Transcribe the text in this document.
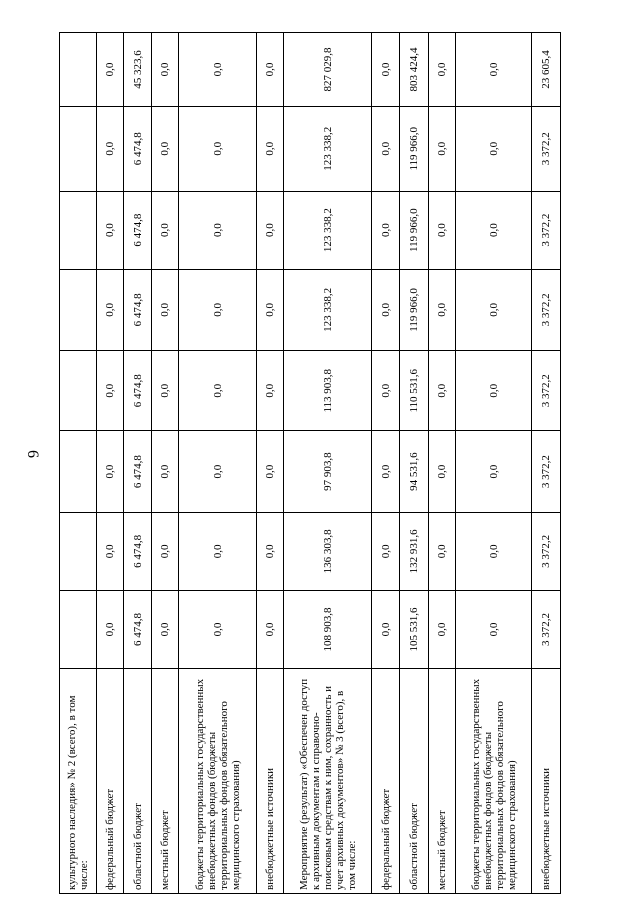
6
культурного наследия» № 2 (всего), в том числе:								
федеральный бюджет	0,0	0,0	0,0	0,0	0,0	0,0	0,0	0,0
областной бюджет	6 474,8	6 474,8	6 474,8	6 474,8	6 474,8	6 474,8	6 474,8	45 323,6
местный бюджет	0,0	0,0	0,0	0,0	0,0	0,0	0,0	0,0
бюджеты территориальных государственных внебюджетных фондов (бюджеты территориальных фондов обязательного медицинского страхования)	0,0	0,0	0,0	0,0	0,0	0,0	0,0	0,0
внебюджетные источники	0,0	0,0	0,0	0,0	0,0	0,0	0,0	0,0
Мероприятие (результат) «Обеспечен доступ к архивным документам и справочно-поисковым средствам к ним, сохранность и учет архивных документов» № 3 (всего), в том числе:	108 903,8	136 303,8	97 903,8	113 903,8	123 338,2	123 338,2	123 338,2	827 029,8
федеральный бюджет	0,0	0,0	0,0	0,0	0,0	0,0	0,0	0,0
областной бюджет	105 531,6	132 931,6	94 531,6	110 531,6	119 966,0	119 966,0	119 966,0	803 424,4
местный бюджет	0,0	0,0	0,0	0,0	0,0	0,0	0,0	0,0
бюджеты территориальных государственных внебюджетных фондов (бюджеты территориальных фондов обязательного медицинского страхования)	0,0	0,0	0,0	0,0	0,0	0,0	0,0	0,0
внебюджетные источники	3 372,2	3 372,2	3 372,2	3 372,2	3 372,2	3 372,2	3 372,2	23 605,4
